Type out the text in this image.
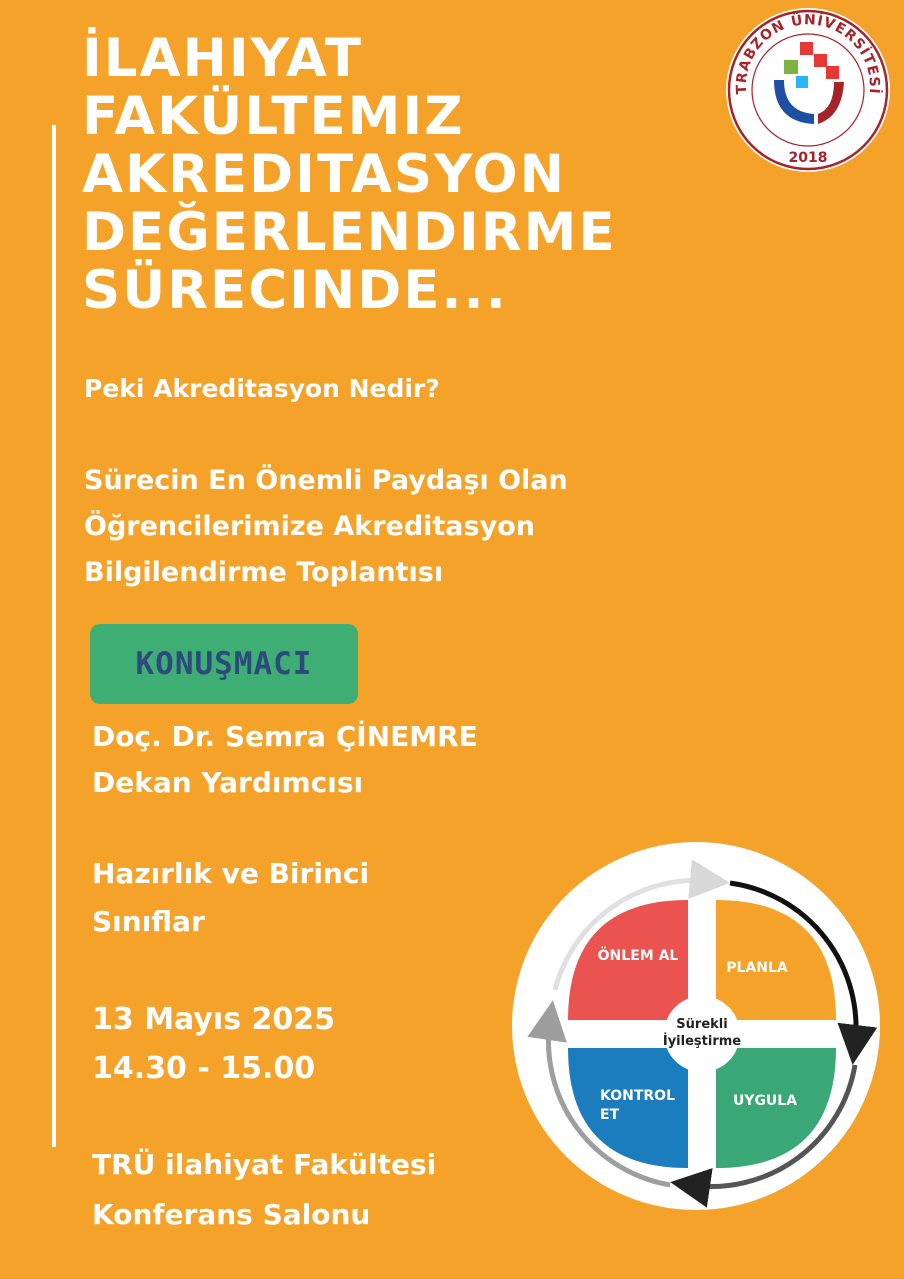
İLAHIYAT
FAKÜLTEMIZ
AKREDITASYON
DEĞERLENDIRME
SÜRECINDE...
Peki Akreditasyon Nedir?
Sürecin En Önemli Paydaşı Olan
Öğrencilerimize Akreditasyon
Bilgilendirme Toplantısı
KONUŞMACI
Doç. Dr. Semra ÇİNEMRE
Dekan Yardımcısı
Hazırlık ve Birinci
Sınıflar
13 Mayıs 2025
14.30 - 15.00
TRÜ ilahiyat Fakültesi
Konferans Salonu
TRABZON ÜNİVERSİTESİ
2018
Sürekli
İyileştirme
ÖNLEM AL
PLANLA
UYGULA
KONTROL
ET
